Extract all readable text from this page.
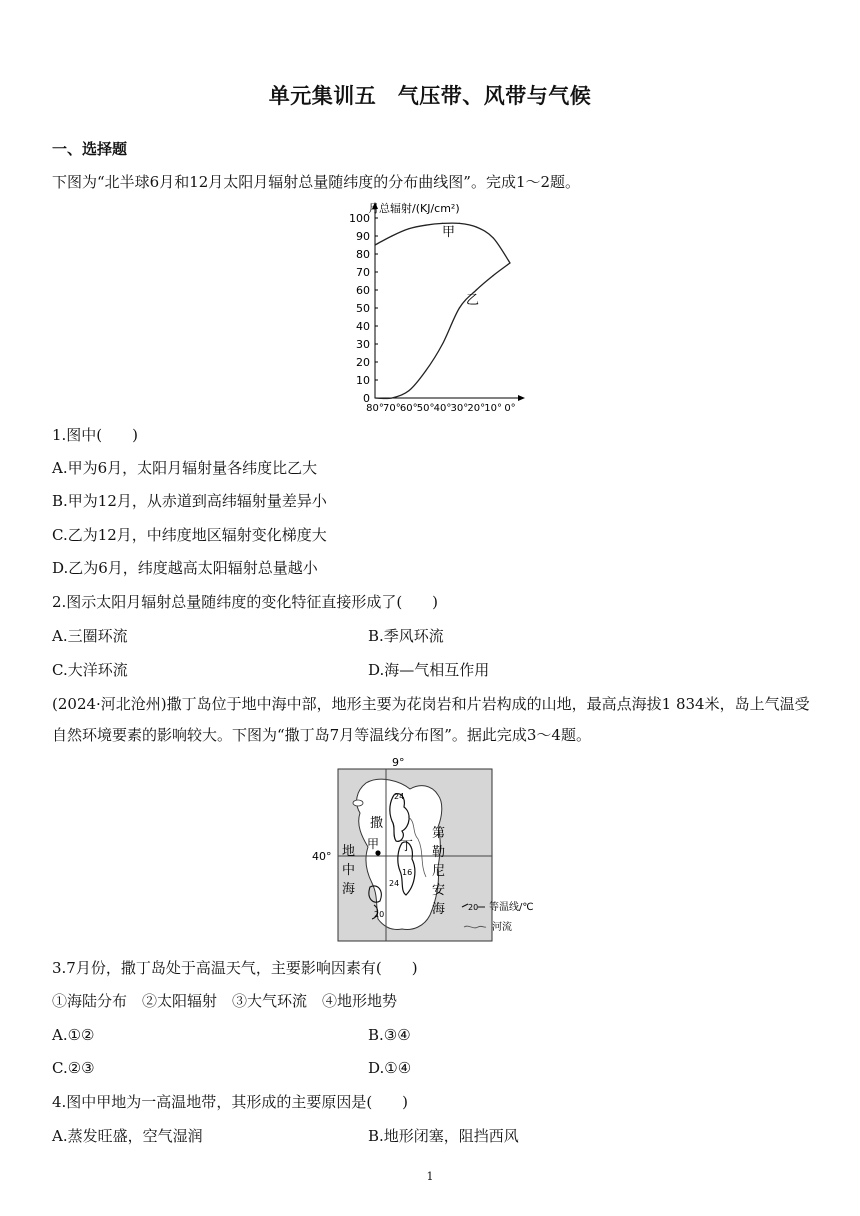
单元集训五　气压带、风带与气候
一、选择题
下图为“北半球6月和12月太阳月辐射总量随纬度的分布曲线图”。完成1～2题。
0
10
20
30
40
50
60
70
80
90
100
80° 70° 60° 50° 40° 30° 20° 10° 0°
月总辐射/(KJ/cm²)
甲
乙
1.图中(　　)
A.甲为6月，太阳月辐射量各纬度比乙大
B.甲为12月，从赤道到高纬辐射量差异小
C.乙为12月，中纬度地区辐射变化梯度大
D.乙为6月，纬度越高太阳辐射总量越小
2.图示太阳月辐射总量随纬度的变化特征直接形成了(　　)
A.三圈环流	B.季风环流
C.大洋环流	D.海—气相互作用
(2024·河北沧州)撒丁岛位于地中海中部，地形主要为花岗岩和片岩构成的山地，最高点海拔1 834米，岛上气温受自然环境要素的影响较大。下图为“撒丁岛7月等温线分布图”。据此完成3～4题。
9°
40°
撒
丁
甲
24
16
24
20
地中海
第勒尼安海	20 等温线/℃
河流
3.7月份，撒丁岛处于高温天气，主要影响因素有(　　)
①海陆分布　②太阳辐射　③大气环流　④地形地势
A.①②	B.③④
C.②③	D.①④
4.图中甲地为一高温地带，其形成的主要原因是(　　)
A.蒸发旺盛，空气湿润	B.地形闭塞，阻挡西风
1
